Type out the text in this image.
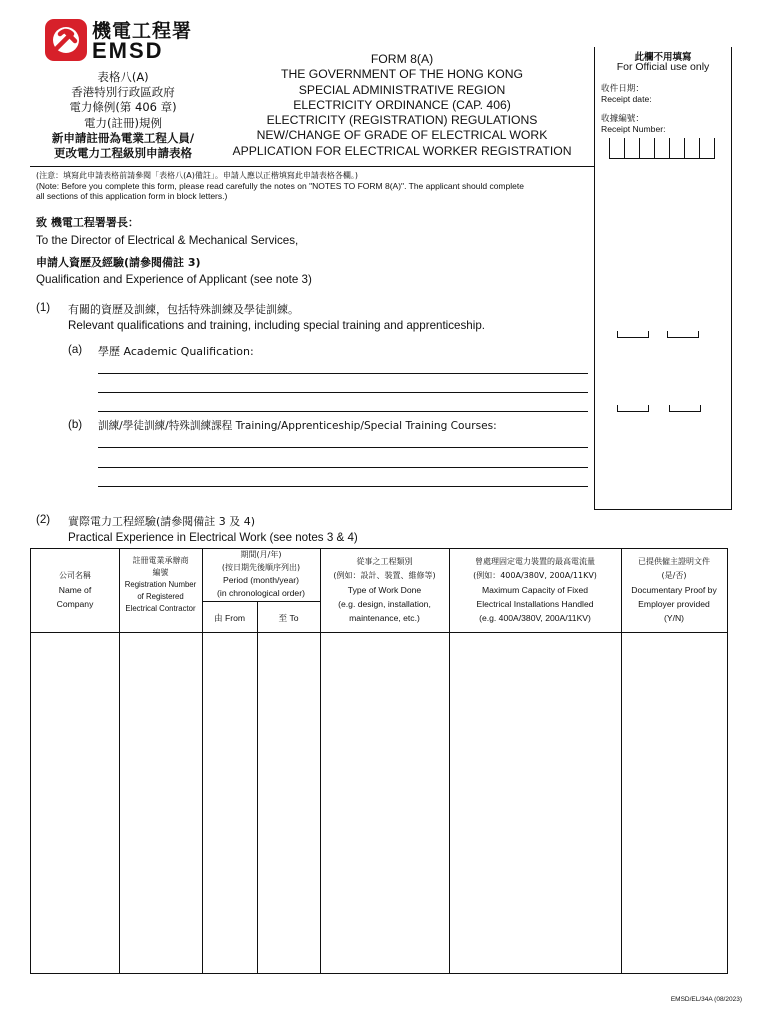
機電工程署
EMSD
表格八(A)
香港特別行政區政府
電力條例(第 406 章)
電力(註冊)規例
新申請註冊為電業工程人員/
更改電力工程級別申請表格
FORM 8(A)
THE GOVERNMENT OF THE HONG KONG
SPECIAL ADMINISTRATIVE REGION
ELECTRICITY ORDINANCE (CAP. 406)
ELECTRICITY (REGISTRATION) REGULATIONS
NEW/CHANGE OF GRADE OF ELECTRICAL WORK
APPLICATION FOR ELECTRICAL WORKER REGISTRATION
此欄不用填寫
For Official use only
收件日期：
Receipt date:
收據編號：
Receipt Number:
(注意：填寫此申請表格前請參閱「表格八(A)備註」。申請人應以正楷填寫此申請表格各欄。)
(Note: Before you complete this form, please read carefully the notes on "NOTES TO FORM 8(A)". The applicant should complete
all sections of this application form in block letters.)
致 機電工程署署長：
To the Director of Electrical & Mechanical Services,
申請人資歷及經驗(請參閱備註 3)
Qualification and Experience of Applicant (see note 3)
(1) 有關的資歷及訓練，包括特殊訓練及學徒訓練。
Relevant qualifications and training, including special training and apprenticeship.
(a) 學歷 Academic Qualification:
(b) 訓練/學徒訓練/特殊訓練課程 Training/Apprenticeship/Special Training Courses:
(2) 實際電力工程經驗(請參閱備註 3 及 4)
Practical Experience in Electrical Work (see notes 3 & 4)
公司名稱
Name of
Company
註冊電業承辦商
編號
Registration Number
of Registered
Electrical Contractor
期間(月/年)
(按日期先後順序列出)
Period (month/year)
(in chronological order)
由 From	至 To
從事之工程類別
(例如：設計、裝置、維修等)
Type of Work Done
(e.g. design, installation,
maintenance, etc.)
曾處理固定電力裝置的最高電流量
(例如：400A/380V, 200A/11KV)
Maximum Capacity of Fixed
Electrical Installations Handled
(e.g. 400A/380V, 200A/11KV)
已提供僱主證明文件
(是/否)
Documentary Proof by
Employer provided
(Y/N)
EMSD/EL/34A (08/2023)
